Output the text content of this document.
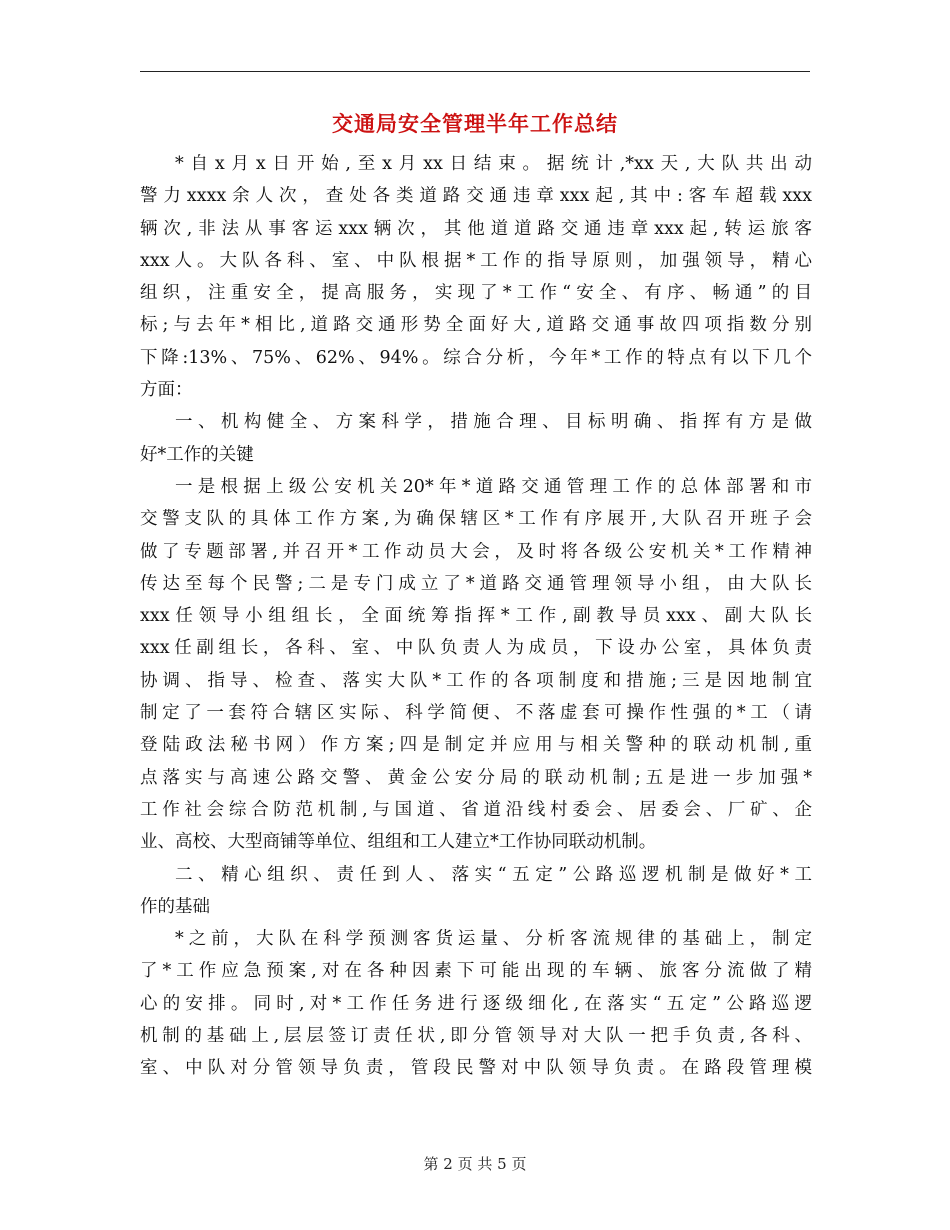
交通局安全管理半年工作总结
*自x月x日开始,至x月xx日结束。据统计,*xx天,大队共出动
警力xxxx余人次，查处各类道路交通违章xxx起,其中:客车超载xxx
辆次,非法从事客运xxx辆次，其他道道路交通违章xxx起,转运旅客
xxx人。大队各科、室、中队根据*工作的指导原则，加强领导，精心
组织，注重安全，提高服务，实现了*工作“安全、有序、畅通”的目
标;与去年*相比,道路交通形势全面好大,道路交通事故四项指数分别
下降:13%、75%、62%、94%。综合分析，今年*工作的特点有以下几个
方面：
一、机构健全、方案科学，措施合理、目标明确、指挥有方是做
好*工作的关键
一是根据上级公安机关20*年*道路交通管理工作的总体部署和市
交警支队的具体工作方案,为确保辖区*工作有序展开,大队召开班子会
做了专题部署,并召开*工作动员大会，及时将各级公安机关*工作精神
传达至每个民警;二是专门成立了*道路交通管理领导小组，由大队长
xxx任领导小组组长，全面统筹指挥*工作,副教导员xxx、副大队长
xxx任副组长，各科、室、中队负责人为成员，下设办公室，具体负责
协调、指导、检查、落实大队*工作的各项制度和措施;三是因地制宜
制定了一套符合辖区实际、科学简便、不落虚套可操作性强的*工（请
登陆政法秘书网）作方案;四是制定并应用与相关警种的联动机制,重
点落实与高速公路交警、黄金公安分局的联动机制;五是进一步加强*
工作社会综合防范机制,与国道、省道沿线村委会、居委会、厂矿、企
业、高校、大型商铺等单位、组组和工人建立*工作协同联动机制。
二、精心组织、责任到人、落实“五定”公路巡逻机制是做好*工
作的基础
*之前，大队在科学预测客货运量、分析客流规律的基础上，制定
了*工作应急预案,对在各种因素下可能出现的车辆、旅客分流做了精
心的安排。同时,对*工作任务进行逐级细化,在落实“五定”公路巡逻
机制的基础上,层层签订责任状,即分管领导对大队一把手负责,各科、
室、中队对分管领导负责，管段民警对中队领导负责。在路段管理模
第 2 页 共 5 页
